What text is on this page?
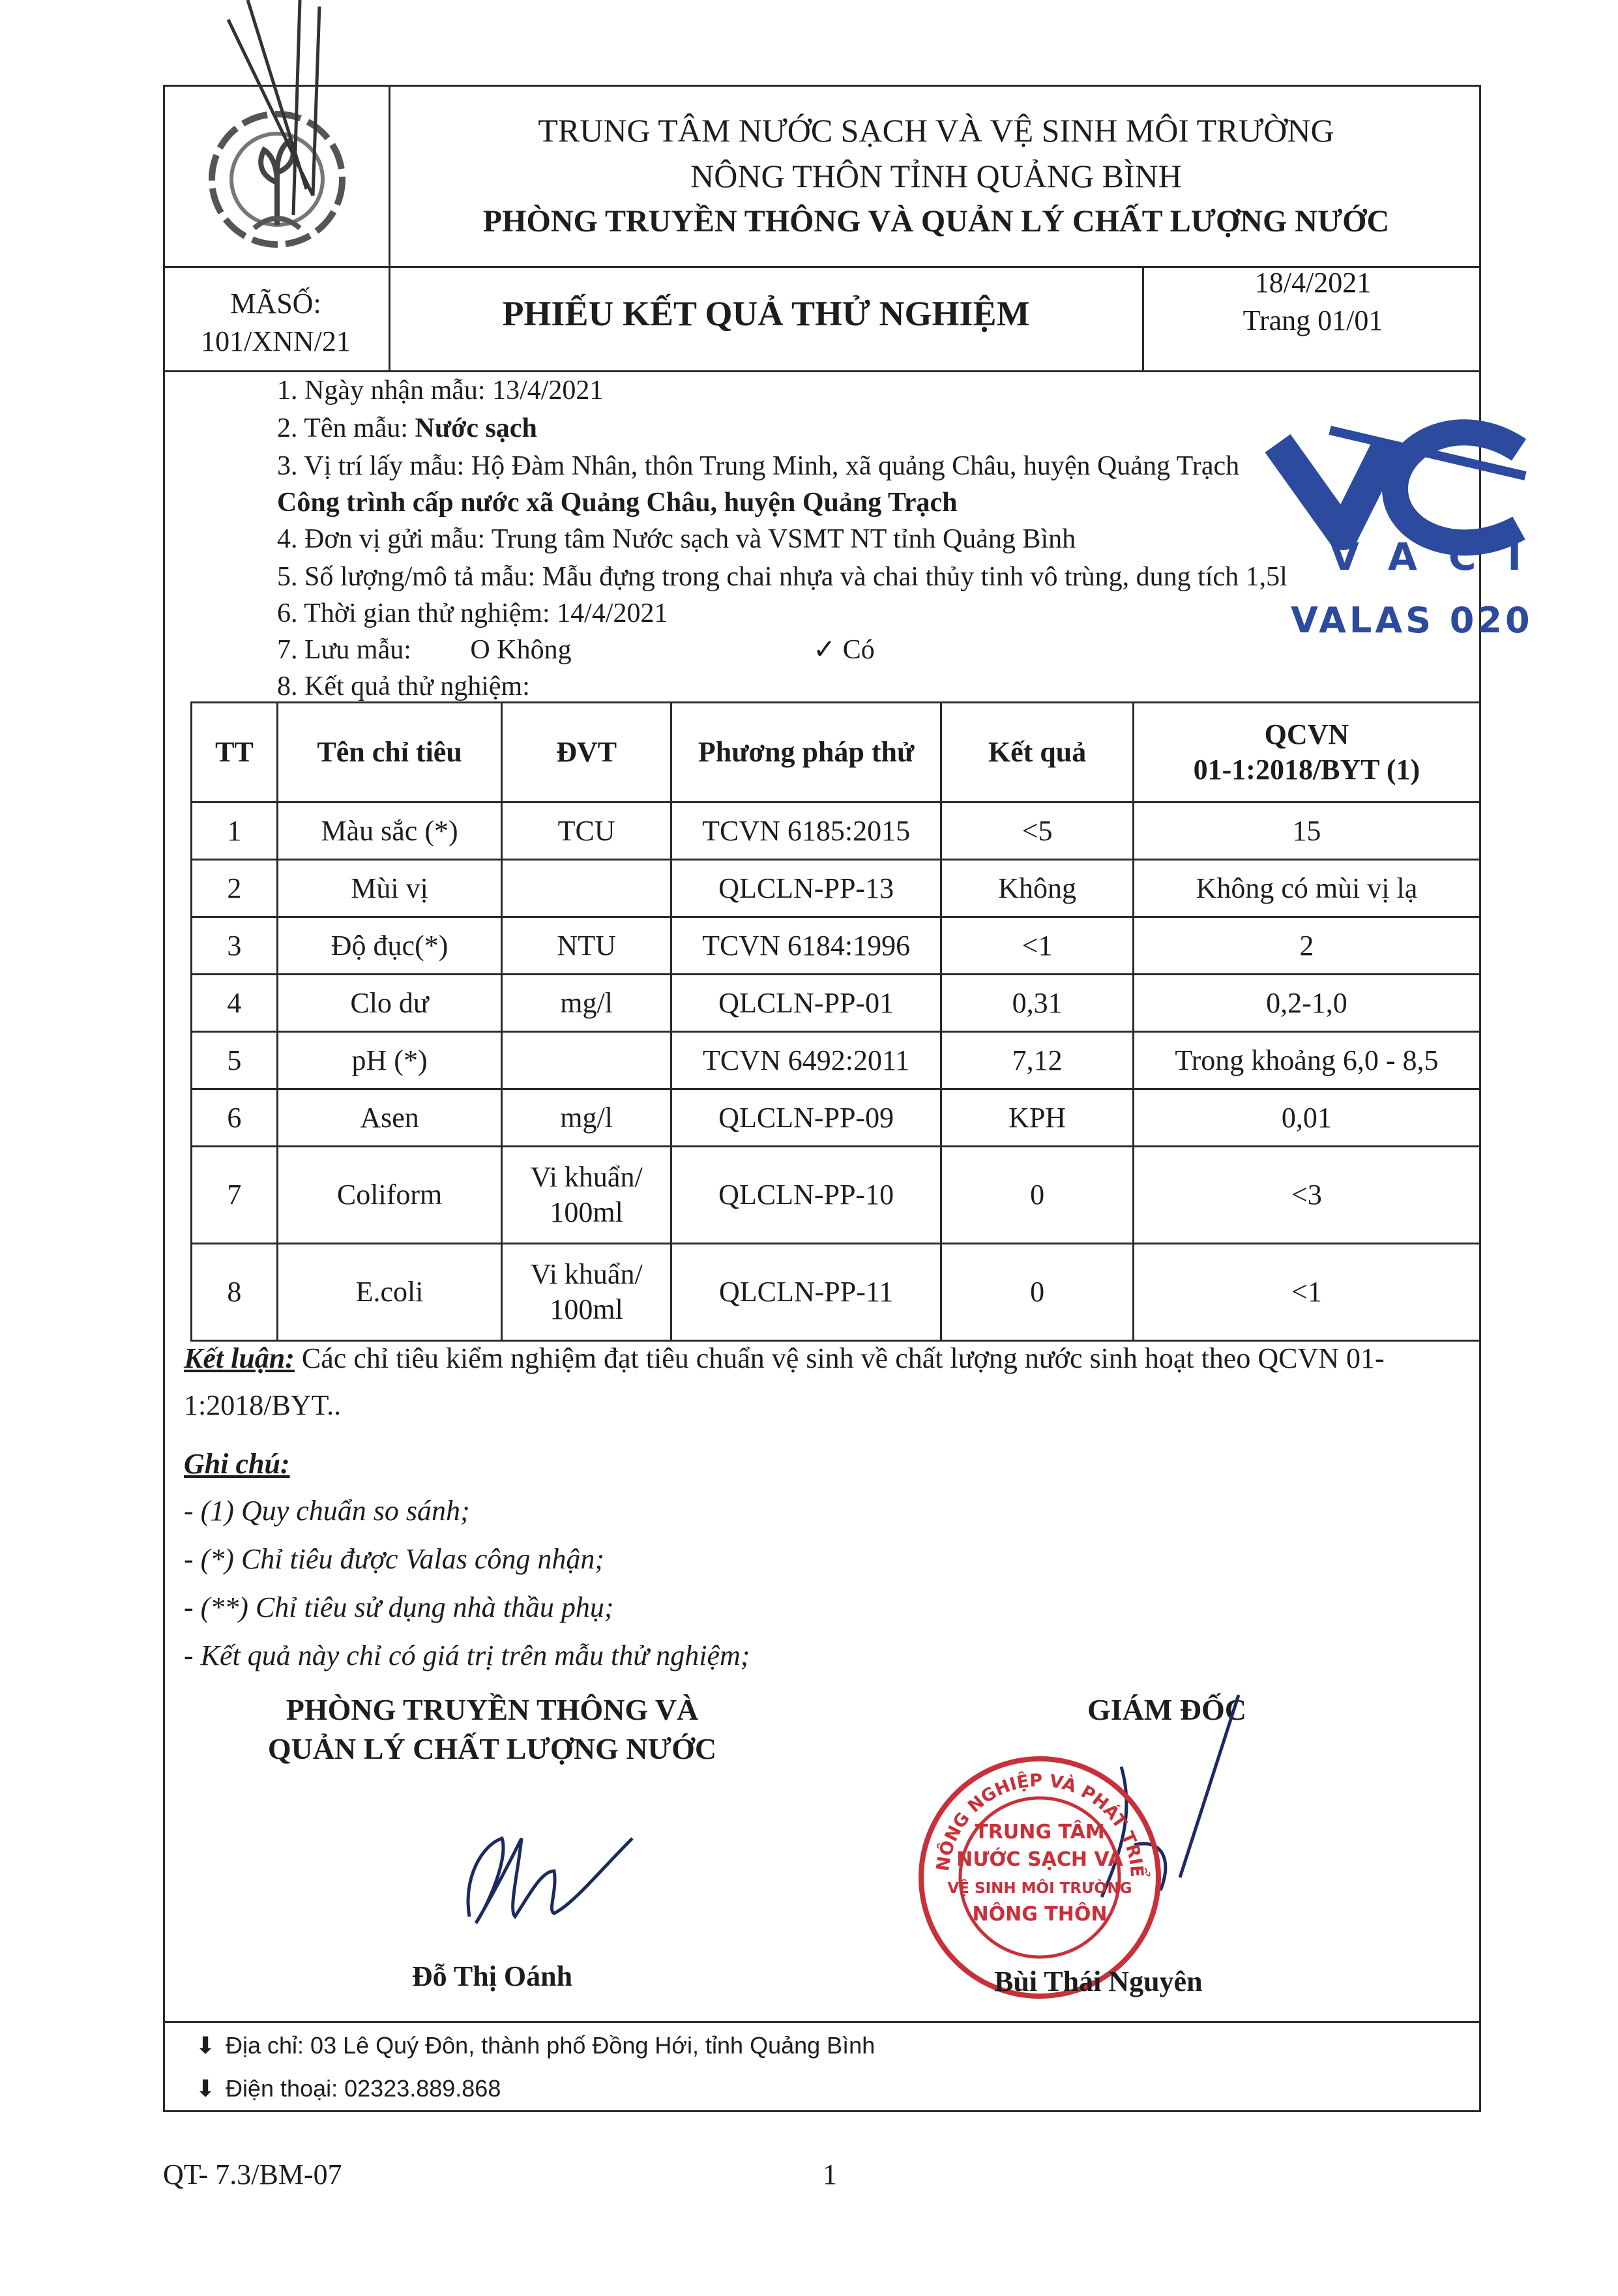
TRUNG TÂM NƯỚC SẠCH VÀ VỆ SINH MÔI TRƯỜNG
NÔNG THÔN TỈNH QUẢNG BÌNH
PHÒNG TRUYỀN THÔNG VÀ QUẢN LÝ CHẤT LƯỢNG NƯỚC
MÃSỐ:
101/XNN/21
PHIẾU KẾT QUẢ THỬ NGHIỆM
18/4/2021
Trang 01/01
1. Ngày nhận mẫu: 13/4/2021
2. Tên mẫu: Nước sạch
3. Vị trí lấy mẫu: Hộ Đàm Nhân, thôn Trung Minh, xã quảng Châu, huyện Quảng Trạch
Công trình cấp nước xã Quảng Châu, huyện Quảng Trạch
4. Đơn vị gửi mẫu: Trung tâm Nước sạch và VSMT NT tỉnh Quảng Bình
5. Số lượng/mô tả mẫu: Mẫu đựng trong chai nhựa và chai thủy tinh vô trùng, dung tích 1,5l
6. Thời gian thử nghiệm: 14/4/2021
7. Lưu mẫu: O Không	✓ Có
8. Kết quả thử nghiệm:
VACI
VALAS 020
TT	Tên chỉ tiêu	ĐVT	Phương pháp thử	Kết quả	QCVN
01-1:2018/BYT (1)

1	Màu sắc (*)	TCU	TCVN 6185:2015	<5	15
2	Mùi vị		QLCLN-PP-13	Không	Không có mùi vị lạ
3	Độ đục(*)	NTU	TCVN 6184:1996	<1	2
4	Clo dư	mg/l	QLCLN-PP-01	0,31	0,2-1,0
5	pH (*)		TCVN 6492:2011	7,12	Trong khoảng 6,0 - 8,5
6	Asen	mg/l	QLCLN-PP-09	KPH	0,01
7	Coliform	Vi khuẩn/
100ml	QLCLN-PP-10	0	<3
8	E.coli	Vi khuẩn/
100ml	QLCLN-PP-11	0	<1
Kết luận: Các chỉ tiêu kiểm nghiệm đạt tiêu chuẩn vệ sinh về chất lượng nước sinh hoạt theo QCVN 01-1:2018/BYT..
Ghi chú:
- (1) Quy chuẩn so sánh;
- (*) Chỉ tiêu được Valas công nhận;
- (**) Chỉ tiêu sử dụng nhà thầu phụ;
- Kết quả này chỉ có giá trị trên mẫu thử nghiệm;
PHÒNG TRUYỀN THÔNG VÀ
QUẢN LÝ CHẤT LƯỢNG NƯỚC
Đỗ Thị Oánh
GIÁM ĐỐC
NÔNG NGHIỆP VÀ PHÁT TRIỂ
TRUNG TÂM
NƯỚC SẠCH VÀ
VỆ SINH MÔI TRƯỜNG
NÔNG THÔN
Bùi Thái Nguyên
⬇ Địa chỉ: 03 Lê Quý Đôn, thành phố Đồng Hới, tỉnh Quảng Bình
⬇ Điện thoại: 02323.889.868
QT- 7.3/BM-07	1
